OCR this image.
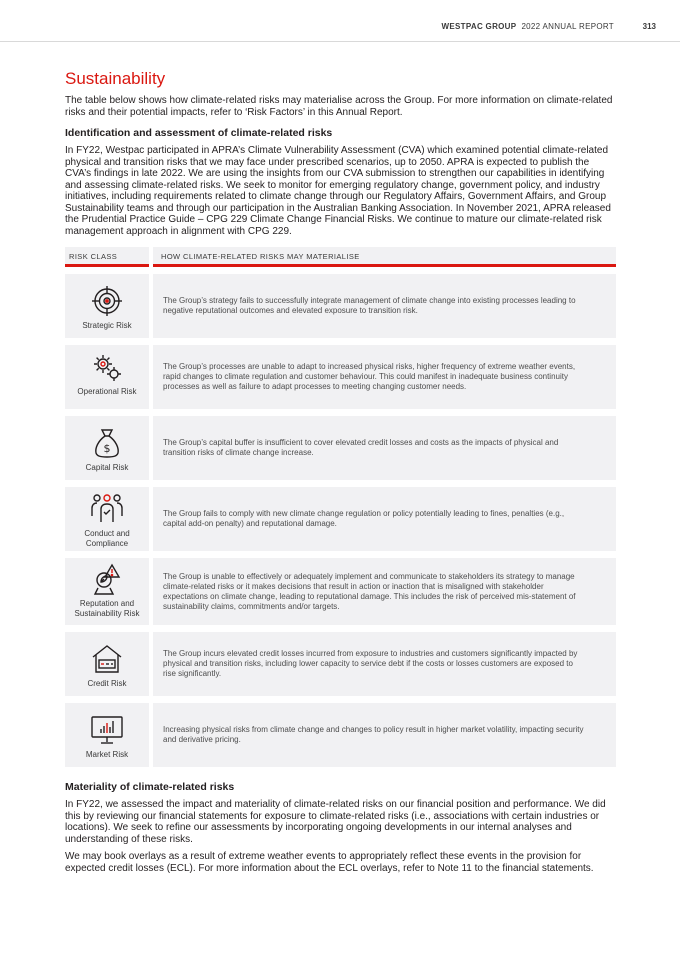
WESTPAC GROUP 2022 ANNUAL REPORT	313
Sustainability

The table below shows how climate-related risks may materialise across the Group. For more information on climate-related risks and their potential impacts, refer to ‘Risk Factors’ in this Annual Report.

Identification and assessment of climate-related risks

In FY22, Westpac participated in APRA’s Climate Vulnerability Assessment (CVA) which examined potential climate-related physical and transition risks that we may face under prescribed scenarios, up to 2050. APRA is expected to publish the CVA’s findings in late 2022. We are using the insights from our CVA submission to strengthen our capabilities in identifying and assessing climate-related risks. We seek to monitor for emerging regulatory change, government policy, and industry initiatives, including requirements related to climate change through our Regulatory Affairs, Government Affairs, and Group Sustainability teams and through our participation in the Australian Banking Association. In November 2021, APRA released the Prudential Practice Guide – CPG 229 Climate Change Financial Risks. We continue to mature our climate-related risk management approach in alignment with CPG 229.

RISK CLASS	HOW CLIMATE-RELATED RISKS MAY MATERIALISE
Strategic Risk
The Group’s strategy fails to successfully integrate management of climate change into existing processes leading to negative reputational outcomes and elevated exposure to transition risk.
Operational Risk
The Group’s processes are unable to adapt to increased physical risks, higher frequency of extreme weather events, rapid changes to climate regulation and customer behaviour. This could manifest in inadequate business continuity processes as well as failure to adapt processes to meeting changing customer needs.
$
Capital Risk
The Group’s capital buffer is insufficient to cover elevated credit losses and costs as the impacts of physical and transition risks of climate change increase.
Conduct and Compliance
The Group fails to comply with new climate change regulation or policy potentially leading to fines, penalties (e.g., capital add-on penalty) and reputational damage.
Reputation and Sustainability Risk
The Group is unable to effectively or adequately implement and communicate to stakeholders its strategy to manage climate-related risks or it makes decisions that result in action or inaction that is misaligned with stakeholder expectations on climate change, leading to reputational damage. This includes the risk of perceived mis-statement of sustainability claims, commitments and/or targets.
Credit Risk
The Group incurs elevated credit losses incurred from exposure to industries and customers significantly impacted by physical and transition risks, including lower capacity to service debt if the costs or losses customers are exposed to rise significantly.
Market Risk
Increasing physical risks from climate change and changes to policy result in higher market volatility, impacting security and derivative pricing.
Materiality of climate-related risks

In FY22, we assessed the impact and materiality of climate-related risks on our financial position and performance. We did this by reviewing our financial statements for exposure to climate-related risks (i.e., associations with certain industries or locations). We seek to refine our assessments by incorporating ongoing developments in our internal analyses and understanding of these risks.

We may book overlays as a result of extreme weather events to appropriately reflect these events in the provision for expected credit losses (ECL). For more information about the ECL overlays, refer to Note 11 to the financial statements.
